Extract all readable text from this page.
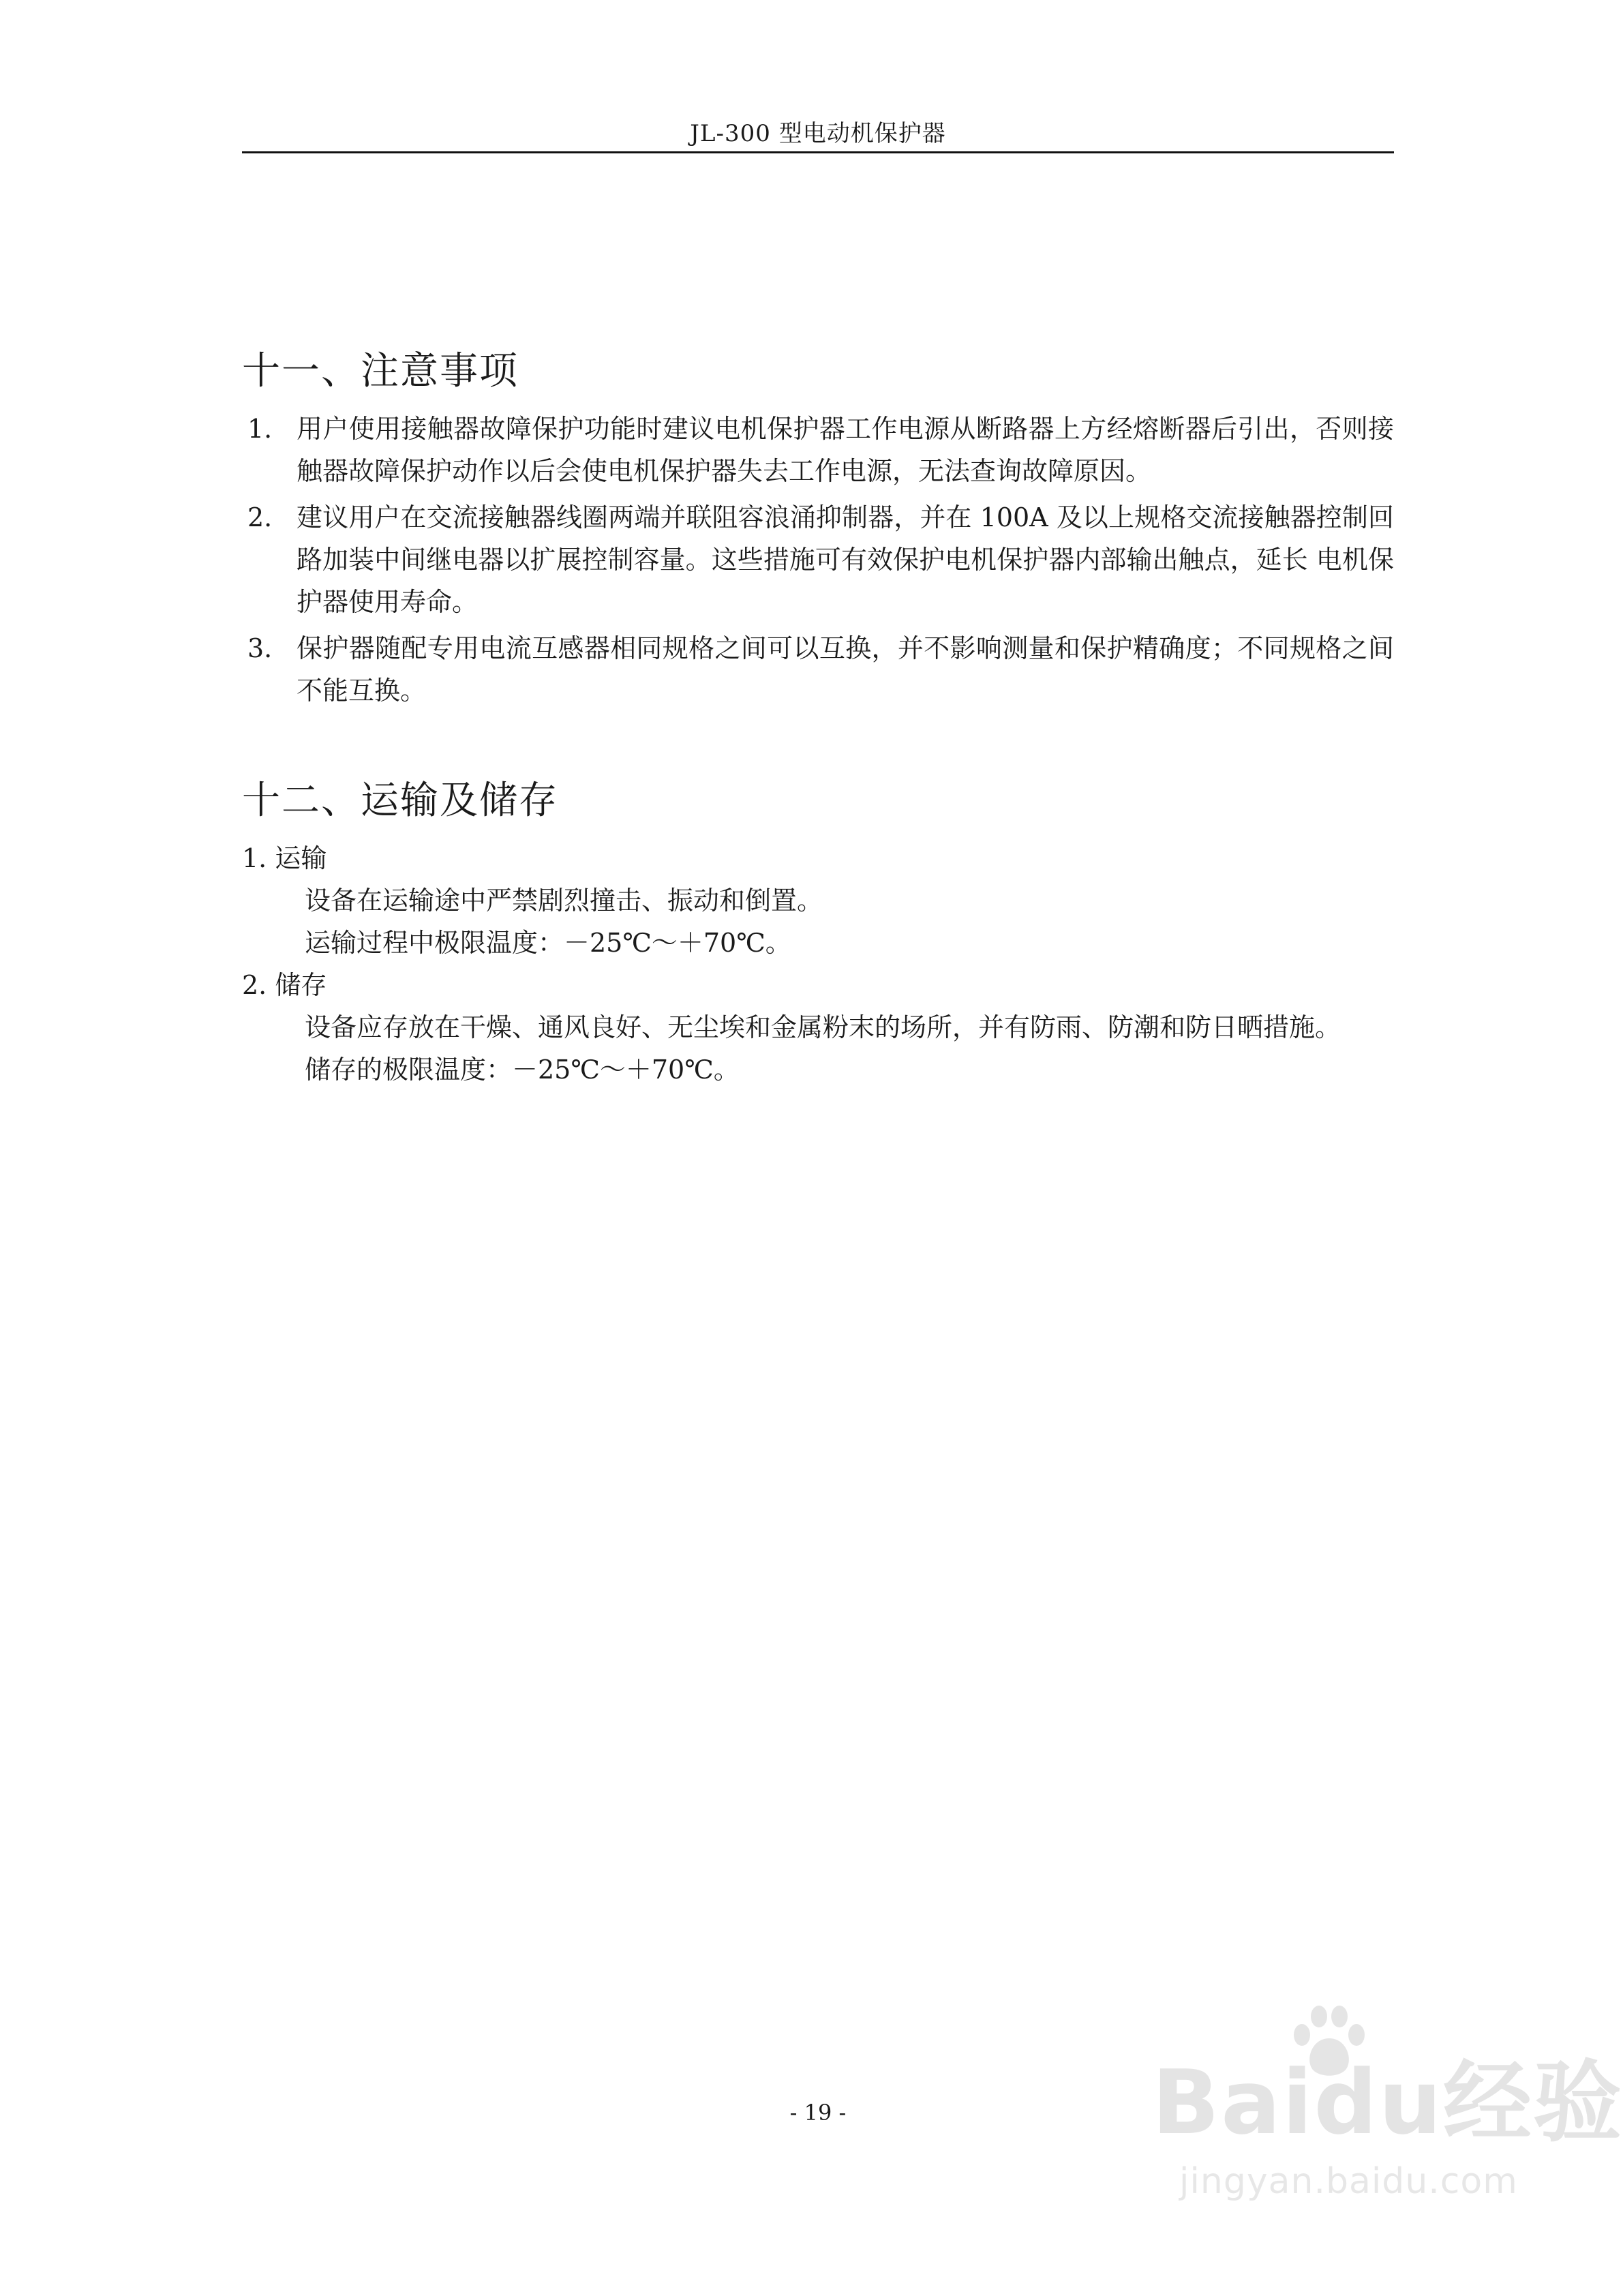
JL-300 型电动机保护器
十一、注意事项
1. 用户使用接触器故障保护功能时建议电机保护器工作电源从断路器上方经熔断器后引出，否则接触器故障保护动作以后会使电机保护器失去工作电源，无法查询故障原因。
2. 建议用户在交流接触器线圈两端并联阻容浪涌抑制器，并在 100A 及以上规格交流接触器控制回路加装中间继电器以扩展控制容量。这些措施可有效保护电机保护器内部输出触点，延长 电机保护器使用寿命。
3. 保护器随配专用电流互感器相同规格之间可以互换，并不影响测量和保护精确度；不同规格之间不能互换。
十二、运输及储存

1. 运输

设备在运输途中严禁剧烈撞击、振动和倒置。

运输过程中极限温度：－25℃～＋70℃。

2. 储存

设备应存放在干燥、通风良好、无尘埃和金属粉末的场所，并有防雨、防潮和防日晒措施。

储存的极限温度：－25℃～＋70℃。

- 19 -	Baidu经验
jingyan.baidu.com
